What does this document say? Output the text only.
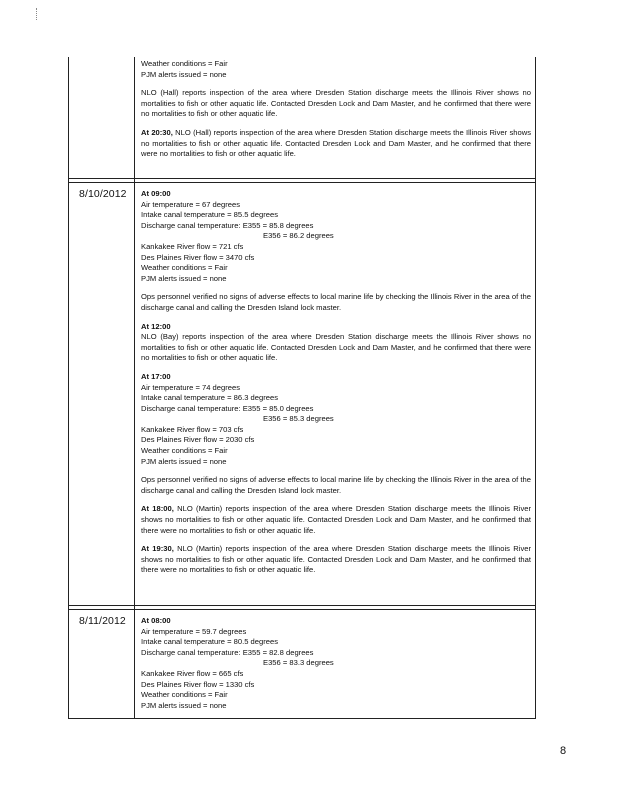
Weather conditions = Fair
PJM alerts issued = none

NLO (Hall) reports inspection of the area where Dresden Station discharge meets the Illinois River shows no mortalities to fish or other aquatic life. Contacted Dresden Lock and Dam Master, and he confirmed that there were no mortalities to fish or other aquatic life.

At 20:30, NLO (Hall) reports inspection of the area where Dresden Station discharge meets the Illinois River shows no mortalities to fish or other aquatic life. Contacted Dresden Lock and Dam Master, and he confirmed that there were no mortalities to fish or other aquatic life.

8/10/2012 At 09:00
Air temperature = 67 degrees
Intake canal temperature = 85.5 degrees
Discharge canal temperature: E355 = 85.8 degrees
E356 = 86.2 degrees
Kankakee River flow = 721 cfs
Des Plaines River flow = 3470 cfs
Weather conditions = Fair
PJM alerts issued = none

Ops personnel verified no signs of adverse effects to local marine life by checking the Illinois River in the area of the discharge canal and calling the Dresden Island lock master.

At 12:00

NLO (Bay) reports inspection of the area where Dresden Station discharge meets the Illinois River shows no mortalities to fish or other aquatic life. Contacted Dresden Lock and Dam Master, and he confirmed that there were no mortalities to fish or other aquatic life.

At 17:00
Air temperature = 74 degrees
Intake canal temperature = 86.3 degrees
Discharge canal temperature: E355 = 85.0 degrees
E356 = 85.3 degrees
Kankakee River flow = 703 cfs
Des Plaines River flow = 2030 cfs
Weather conditions = Fair
PJM alerts issued = none

Ops personnel verified no signs of adverse effects to local marine life by checking the Illinois River in the area of the discharge canal and calling the Dresden Island lock master.

At 18:00, NLO (Martin) reports inspection of the area where Dresden Station discharge meets the Illinois River shows no mortalities to fish or other aquatic life. Contacted Dresden Lock and Dam Master, and he confirmed that there were no mortalities to fish or other aquatic life.

At 19:30, NLO (Martin) reports inspection of the area where Dresden Station discharge meets the Illinois River shows no mortalities to fish or other aquatic life. Contacted Dresden Lock and Dam Master, and he confirmed that there were no mortalities to fish or other aquatic life.

8/11/2012 At 08:00
Air temperature = 59.7 degrees
Intake canal temperature = 80.5 degrees
Discharge canal temperature: E355 = 82.8 degrees
E356 = 83.3 degrees
Kankakee River flow = 665 cfs
Des Plaines River flow = 1330 cfs
Weather conditions = Fair
PJM alerts issued = none
8
